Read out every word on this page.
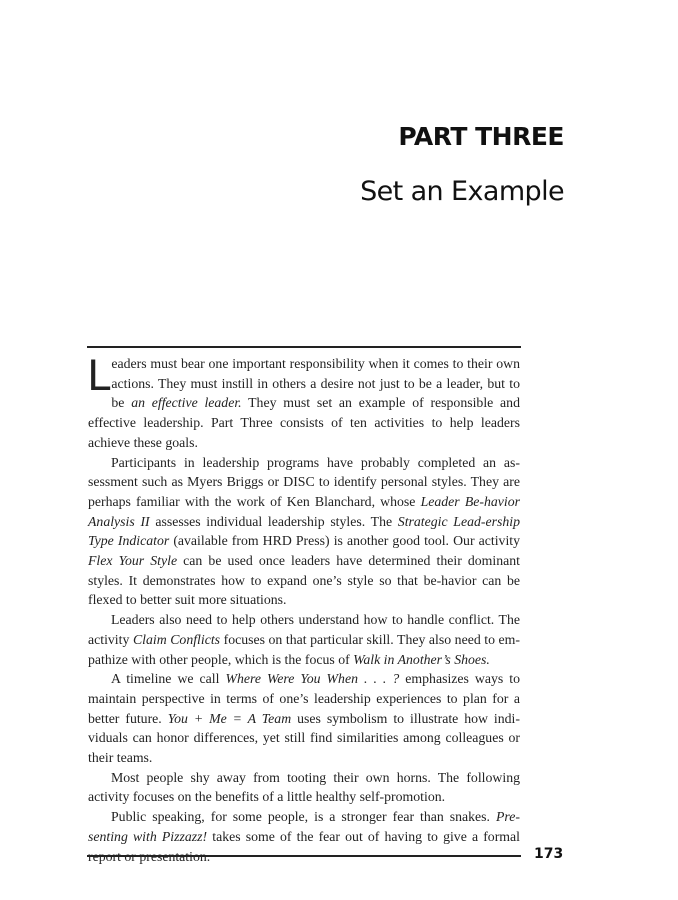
PART THREE
Set an Example

Leaders must bear one important responsibility when it comes to their own actions. They must instill in others a desire not just to be a leader, but to be an effective leader. They must set an example of responsible and effective leadership. Part Three consists of ten activities to help leaders achieve these goals.

Participants in leadership programs have probably completed an as-sessment such as Myers Briggs or DISC to identify personal styles. They are perhaps familiar with the work of Ken Blanchard, whose Leader Be-havior Analysis II assesses individual leadership styles. The Strategic Lead-ership Type Indicator (available from HRD Press) is another good tool. Our activity Flex Your Style can be used once leaders have determined their dominant styles. It demonstrates how to expand one’s style so that be-havior can be flexed to better suit more situations.

Leaders also need to help others understand how to handle conflict. The activity Claim Conflicts focuses on that particular skill. They also need to em-pathize with other people, which is the focus of Walk in Another’s Shoes.

A timeline we call Where Were You When . . . ? emphasizes ways to maintain perspective in terms of one’s leadership experiences to plan for a better future. You + Me = A Team uses symbolism to illustrate how indi-viduals can honor differences, yet still find similarities among colleagues or their teams.

Most people shy away from tooting their own horns. The following activity focuses on the benefits of a little healthy self-promotion.

Public speaking, for some people, is a stronger fear than snakes. Pre-senting with Pizzazz! takes some of the fear out of having to give a formal report or presentation.	173
